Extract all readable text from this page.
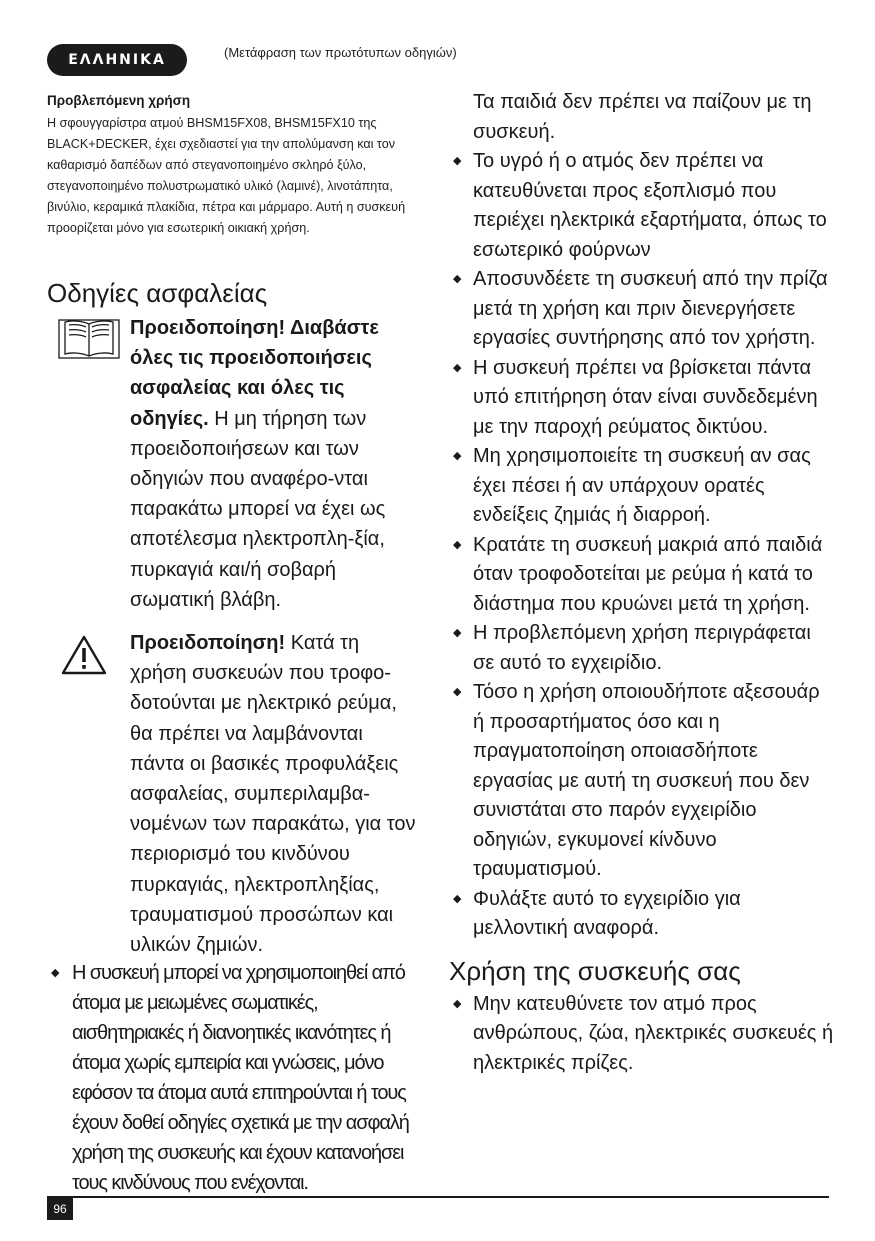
ΕΛΛΗΝΙΚΑ	(Μετάφραση των πρωτότυπων οδηγιών)
Προβλεπόμενη χρήση
Η σφουγγαρίστρα ατμού BHSM15FX08, BHSM15FX10 της BLACK+DECKER, έχει σχεδιαστεί για την απολύμανση και τον καθαρισμό δαπέδων από στεγανοποιημένο σκληρό ξύλο, στεγανοποιημένο πολυστρωματικό υλικό (λαμινέ), λινοτάπητα, βινύλιο, κεραμικά πλακίδια, πέτρα και μάρμαρο. Αυτή η συσκευή προορίζεται μόνο για εσωτερική οικιακή χρήση.
Οδηγίες ασφαλείας
Προειδοποίηση! Διαβάστε όλες τις προειδοποιήσεις ασφαλείας και όλες τις οδηγίες. Η μη τήρηση των προειδοποιήσεων και των οδηγιών που αναφέρο-νται παρακάτω μπορεί να έχει ως αποτέλεσμα ηλεκτροπλη-ξία, πυρκαγιά και/ή σοβαρή σωματική βλάβη.
Προειδοποίηση! Κατά τη χρήση συσκευών που τροφο-δοτούνται με ηλεκτρικό ρεύμα, θα πρέπει να λαμβάνονται πάντα οι βασικές προφυλάξεις ασφαλείας, συμπεριλαμβα-νομένων των παρακάτω, για τον περιορισμό του κινδύνου πυρκαγιάς, ηλεκτροπληξίας, τραυματισμού προσώπων και υλικών ζημιών.
◆ Η συσκευή μπορεί να χρησιμοποιηθεί από άτομα με μειωμένες σωματικές, αισθητηριακές ή διανοητικές ικανότητες ή άτομα χωρίς εμπειρία και γνώσεις, μόνο εφόσον τα άτομα αυτά επιτηρούνται ή τους έχουν δοθεί οδηγίες σχετικά με την ασφαλή χρήση της συσκευής και έχουν κατανοήσει τους κινδύνους που ενέχονται.
Τα παιδιά δεν πρέπει να παίζουν με τη συσκευή.
◆ Το υγρό ή ο ατμός δεν πρέπει να κατευθύνεται προς εξοπλισμό που περιέχει ηλεκτρικά εξαρτήματα, όπως το εσωτερικό φούρνων
◆ Αποσυνδέετε τη συσκευή από την πρίζα μετά τη χρήση και πριν διενεργήσετε εργασίες συντήρησης από τον χρήστη.
◆ Η συσκευή πρέπει να βρίσκεται πάντα υπό επιτήρηση όταν είναι συνδεδεμένη με την παροχή ρεύματος δικτύου.
◆ Μη χρησιμοποιείτε τη συσκευή αν σας έχει πέσει ή αν υπάρχουν ορατές ενδείξεις ζημιάς ή διαρροή.
◆ Κρατάτε τη συσκευή μακριά από παιδιά όταν τροφοδοτείται με ρεύμα ή κατά το διάστημα που κρυώνει μετά τη χρήση.
◆ Η προβλεπόμενη χρήση περιγράφεται σε αυτό το εγχειρίδιο.
◆ Τόσο η χρήση οποιουδήποτε αξεσουάρ ή προσαρτήματος όσο και η πραγματοποίηση οποιασδήποτε εργασίας με αυτή τη συσκευή που δεν συνιστάται στο παρόν εγχειρίδιο οδηγιών, εγκυμονεί κίνδυνο τραυματισμού.
◆ Φυλάξτε αυτό το εγχειρίδιο για μελλοντική αναφορά.
Χρήση της συσκευής σας
◆ Μην κατευθύνετε τον ατμό προς ανθρώπους, ζώα, ηλεκτρικές συσκευές ή ηλεκτρικές πρίζες.
96
